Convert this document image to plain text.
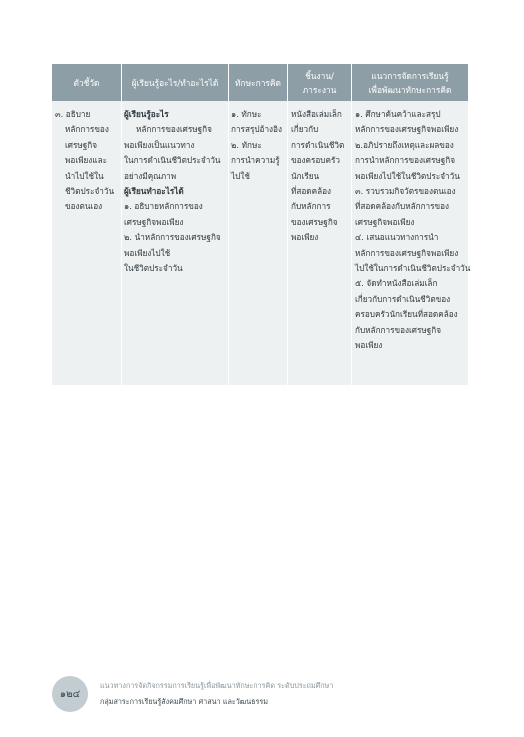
ตัวชี้วัด	ผู้เรียนรู้อะไร/ทำอะไรได้ ทักษะการคิด
ชิ้นงาน/
ภาระงาน
แนวการจัดการเรียนรู้
เพื่อพัฒนาทักษะการคิด
๓. อธิบาย
หลักการของ
เศรษฐกิจ
พอเพียงและ
นำไปใช้ใน
ชีวิตประจำวัน
ของตนเอง
ผู้เรียนรู้อะไร
หลักการของเศรษฐกิจ
พอเพียงเป็นแนวทาง
ในการดำเนินชีวิตประจำวัน
อย่างมีคุณภาพ
ผู้เรียนทำอะไรได้
๑. อธิบายหลักการของ
เศรษฐกิจพอเพียง
๒. นำหลักการของเศรษฐกิจ
พอเพียงไปใช้
ในชีวิตประจำวัน
๑. ทักษะ
การสรุปอ้างอิง
๒. ทักษะ
การนำความรู้
ไปใช้
หนังสือเล่มเล็ก
เกี่ยวกับ
การดำเนินชีวิต
ของครอบครัว
นักเรียน
ที่สอดคล้อง
กับหลักการ
ของเศรษฐกิจ
พอเพียง
๑. ศึกษาค้นคว้าและสรุป
หลักการของเศรษฐกิจพอเพียง
๒.อภิปรายถึงเหตุและผลของ
การนำหลักการของเศรษฐกิจ
พอเพียงไปใช้ในชีวิตประจำวัน
๓. รวบรวมกิจวัตรของตนเอง
ที่สอดคล้องกับหลักการของ
เศรษฐกิจพอเพียง
๔. เสนอแนวทางการนำ
หลักการของเศรษฐกิจพอเพียง
ไปใช้ในการดำเนินชีวิตประจำวัน
๕. จัดทำหนังสือเล่มเล็ก
เกี่ยวกับการดำเนินชีวิตของ
ครอบครัวนักเรียนที่สอดคล้อง
กับหลักการของเศรษฐกิจ
พอเพียง
๑๒๔
แนวทางการจัดกิจกรรมการเรียนรู้เพื่อพัฒนาทักษะการคิด ระดับประถมศึกษา
กลุ่มสาระการเรียนรู้สังคมศึกษา ศาสนา และวัฒนธรรม
